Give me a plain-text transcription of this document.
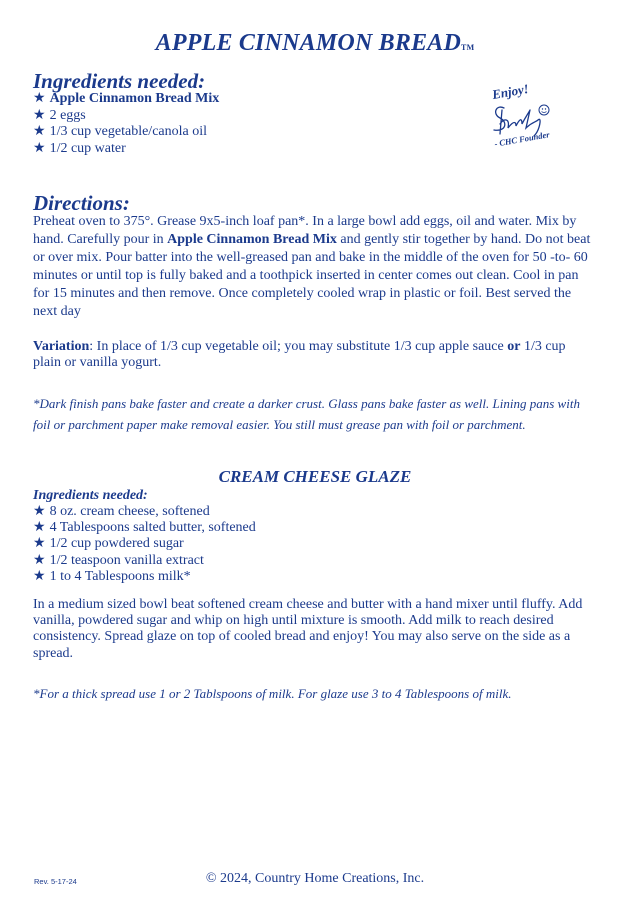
APPLE CINNAMON BREADTM
Enjoy!
- CHC Founder
Ingredients needed:
★ Apple Cinnamon Bread Mix
★ 2 eggs
★ 1/3 cup vegetable/canola oil
★ 1/2 cup water
Directions:
Preheat oven to 375°. Grease 9x5-inch loaf pan*. In a large bowl add eggs, oil and water. Mix by hand. Carefully pour in Apple Cinnamon Bread Mix and gently stir together by hand. Do not beat or over mix. Pour batter into the well-greased pan and bake in the middle of the oven for 50 -to- 60 minutes or until top is fully baked and a toothpick inserted in center comes out clean. Cool in pan for 15 minutes and then remove. Once completely cooled wrap in plastic or foil. Best served the next day
Variation: In place of 1/3 cup vegetable oil; you may substitute 1/3 cup apple sauce or 1/3 cup plain or vanilla yogurt.
*Dark finish pans bake faster and create a darker crust. Glass pans bake faster as well. Lining pans with foil or parchment paper make removal easier. You still must grease pan with foil or parchment.
CREAM CHEESE GLAZE
Ingredients needed:
★ 8 oz. cream cheese, softened
★ 4 Tablespoons salted butter, softened
★ 1/2 cup powdered sugar
★ 1/2 teaspoon vanilla extract
★ 1 to 4 Tablespoons milk*
In a medium sized bowl beat softened cream cheese and butter with a hand mixer until fluffy. Add vanilla, powdered sugar and whip on high until mixture is smooth. Add milk to reach desired consistency. Spread glaze on top of cooled bread and enjoy! You may also serve on the side as a spread.
*For a thick spread use 1 or 2 Tablspoons of milk. For glaze use 3 to 4 Tablespoons of milk.
Rev. 5-17-24	© 2024, Country Home Creations, Inc.
